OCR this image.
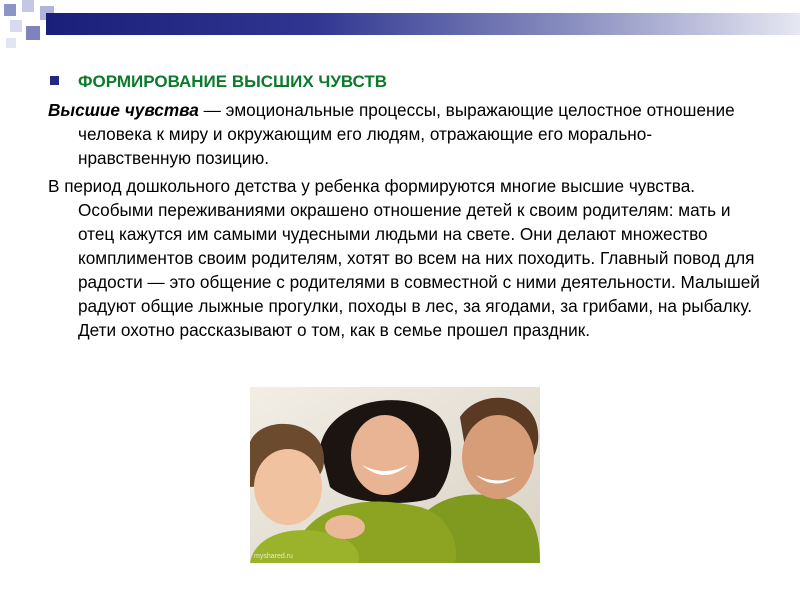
ФОРМИРОВАНИЕ ВЫСШИХ ЧУВСТВ

Высшие чувства — эмоциональные процессы, выражающие целостное отношение человека к миру и окружающим его людям, отражающие его морально-нравственную позицию.

В период дошкольного детства у ребенка формируются многие высшие чувства. Особыми переживаниями окрашено отношение детей к своим родителям: мать и отец кажутся им самыми чудесными людьми на свете. Они делают множество комплиментов своим родителям, хотят во всем на них походить. Главный повод для радости — это общение с родителями в совместной с ними деятельности. Малышей радуют общие лыжные прогулки, походы в лес, за ягодами, за грибами, на рыбалку. Дети охотно рассказывают о том, как в семье прошел праздник.

myshared.ru
